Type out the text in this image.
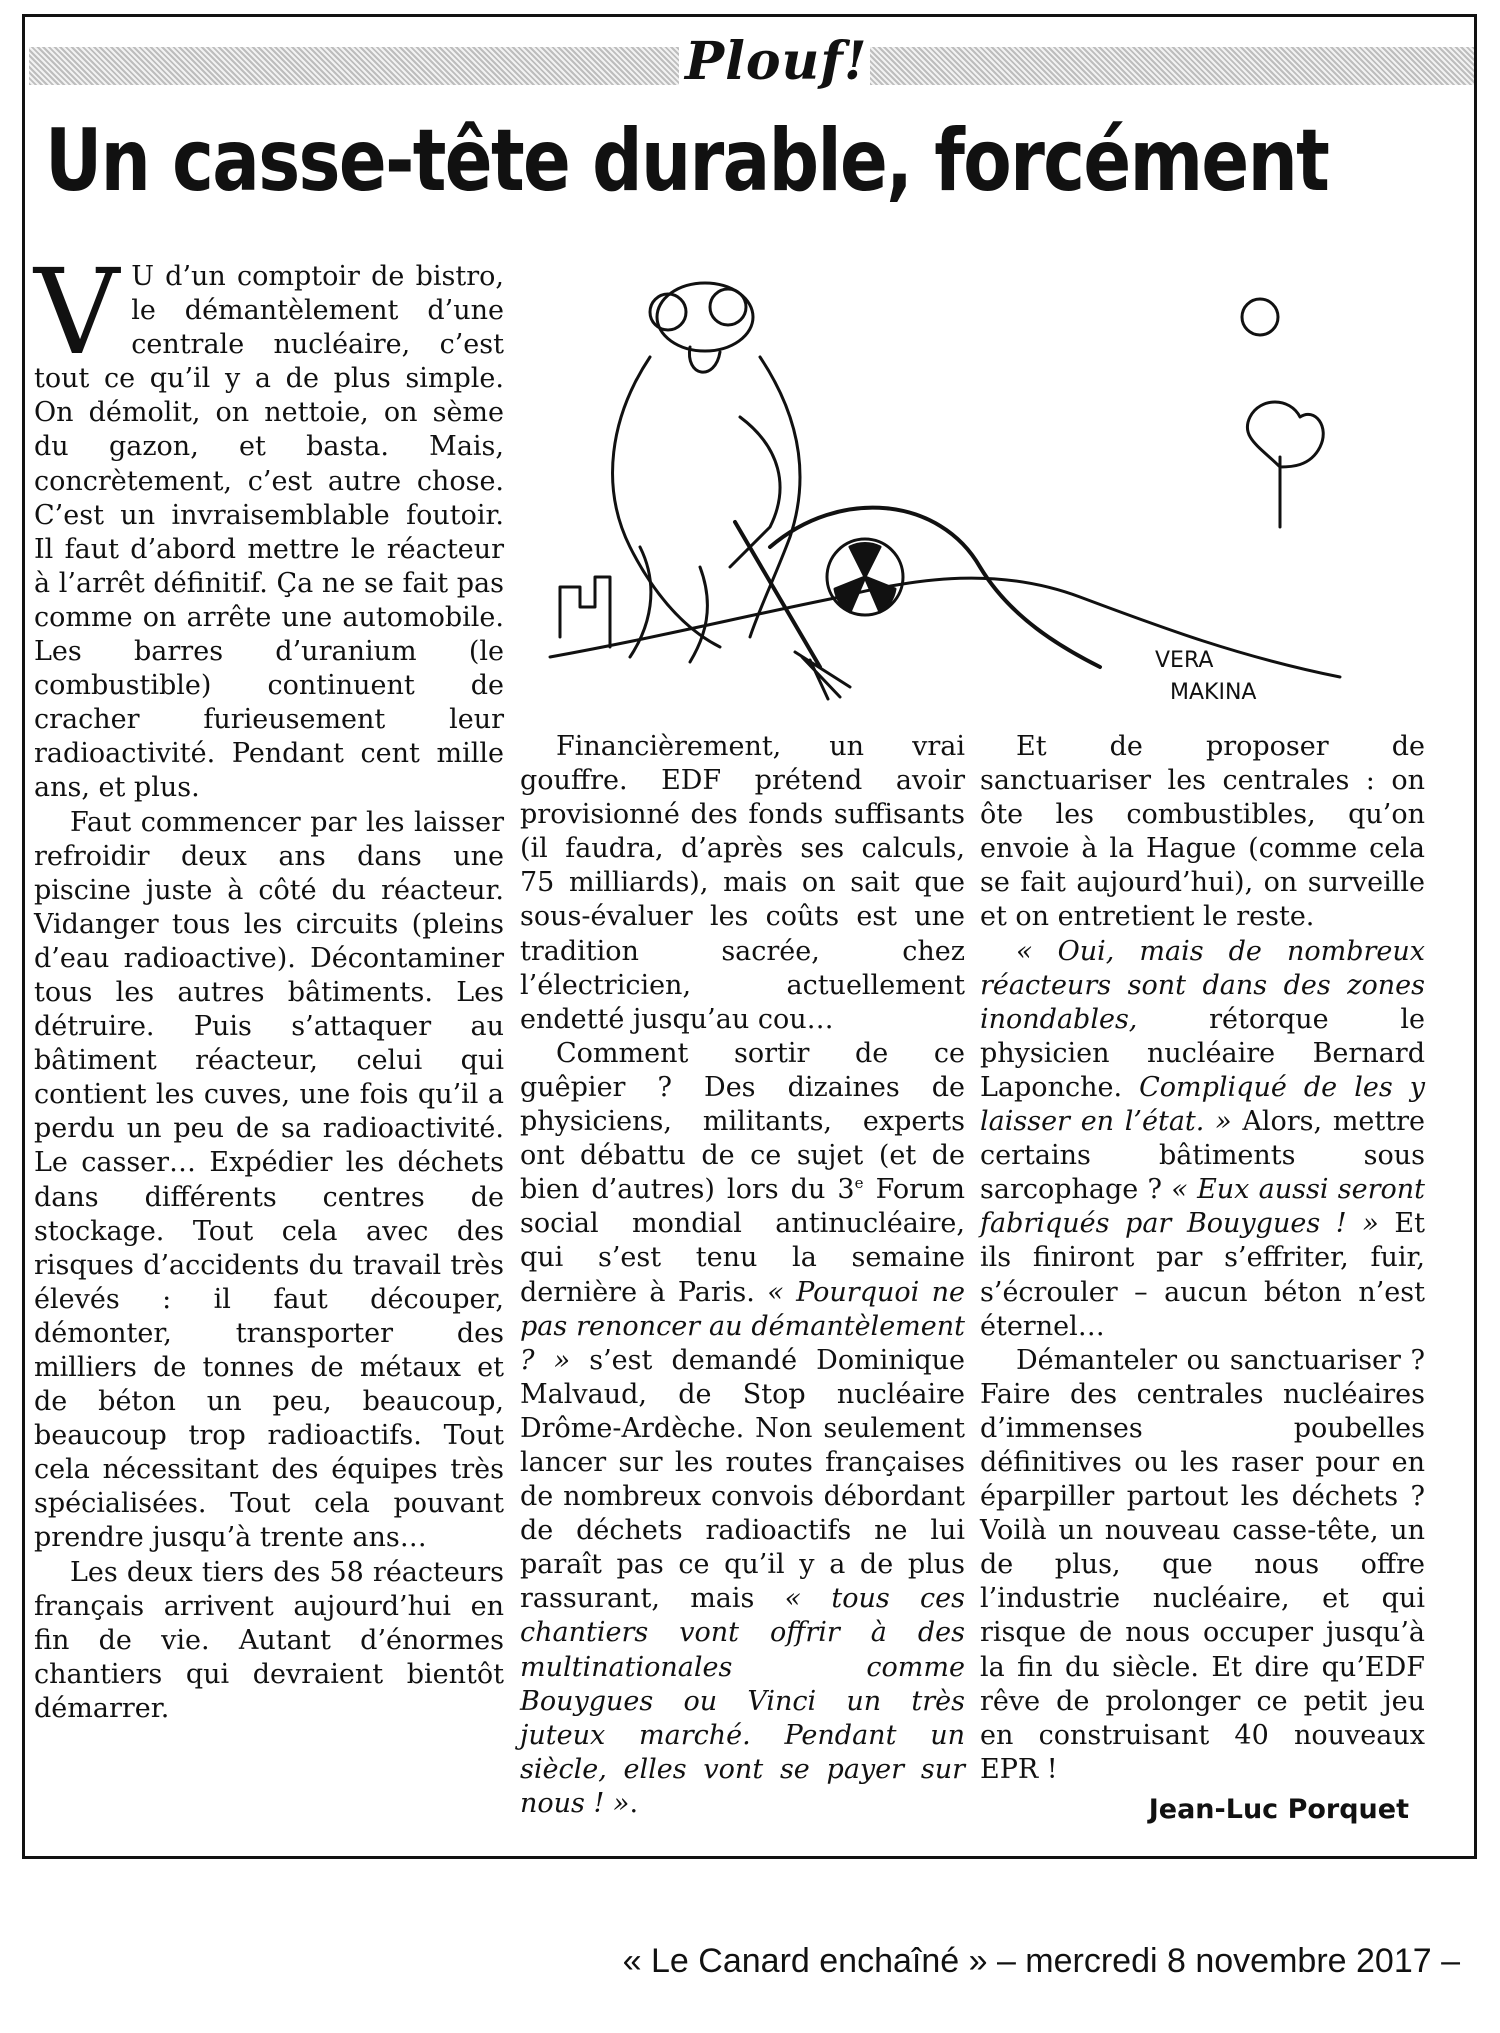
Plouf!
Un casse-tête durable, forcément
VERA
MAKINA

V U d’un comptoir de bistro, le démantèlement d’une centrale nucléaire, c’est tout ce qu’il y a de plus simple. On démolit, on nettoie, on sème du gazon, et basta. Mais, concrètement, c’est autre chose. C’est un invraisemblable foutoir. Il faut d’abord mettre le réacteur à l’arrêt définitif. Ça ne se fait pas comme on arrête une automobile. Les barres d’uranium (le combustible) continuent de cracher furieusement leur radioactivité. Pendant cent mille ans, et plus.

Faut commencer par les laisser refroidir deux ans dans une piscine juste à côté du réacteur. Vidanger tous les circuits (pleins d’eau radioactive). Décontaminer tous les autres bâtiments. Les détruire. Puis s’attaquer au bâtiment réacteur, celui qui contient les cuves, une fois qu’il a perdu un peu de sa radioactivité. Le casser… Expédier les déchets dans différents centres de stockage. Tout cela avec des risques d’accidents du travail très élevés : il faut découper, démonter, transporter des milliers de tonnes de métaux et de béton un peu, beaucoup, beaucoup trop radioactifs. Tout cela nécessitant des équipes très spécialisées. Tout cela pouvant prendre jusqu’à trente ans…

Les deux tiers des 58 réacteurs français arrivent aujourd’hui en fin de vie. Autant d’énormes chantiers qui devraient bientôt démarrer.

Financièrement, un vrai gouffre. EDF prétend avoir provisionné des fonds suffisants (il faudra, d’après ses calculs, 75 milliards), mais on sait que sous-évaluer les coûts est une tradition sacrée, chez l’électricien, actuellement endetté jusqu’au cou…

Comment sortir de ce guêpier ? Des dizaines de physiciens, militants, experts ont débattu de ce sujet (et de bien d’autres) lors du 3e Forum social mondial antinucléaire, qui s’est tenu la semaine dernière à Paris. « Pourquoi ne pas renoncer au démantèlement ? » s’est demandé Dominique Malvaud, de Stop nucléaire Drôme-Ardèche. Non seulement lancer sur les routes françaises de nombreux convois débordant de déchets radioactifs ne lui paraît pas ce qu’il y a de plus rassurant, mais « tous ces chantiers vont offrir à des multinationales comme Bouygues ou Vinci un très juteux marché. Pendant un siècle, elles vont se payer sur nous ! ».

Et de proposer de sanctuariser les centrales : on ôte les combustibles, qu’on envoie à la Hague (comme cela se fait aujourd’hui), on surveille et on entretient le reste.

« Oui, mais de nombreux réacteurs sont dans des zones inondables, rétorque le physicien nucléaire Bernard Laponche. Compliqué de les y laisser en l’état. » Alors, mettre certains bâtiments sous sarcophage ? « Eux aussi seront fabriqués par Bouygues ! » Et ils finiront par s’effriter, fuir, s’écrouler – aucun béton n’est éternel…

Démanteler ou sanctuariser ? Faire des centrales nucléaires d’immenses poubelles définitives ou les raser pour en éparpiller partout les déchets ? Voilà un nouveau casse-tête, un de plus, que nous offre l’industrie nucléaire, et qui risque de nous occuper jusqu’à la fin du siècle. Et dire qu’EDF rêve de prolonger ce petit jeu en construisant 40 nouveaux EPR !

Jean-Luc Porquet
« Le Canard enchaîné » – mercredi 8 novembre 2017 –
